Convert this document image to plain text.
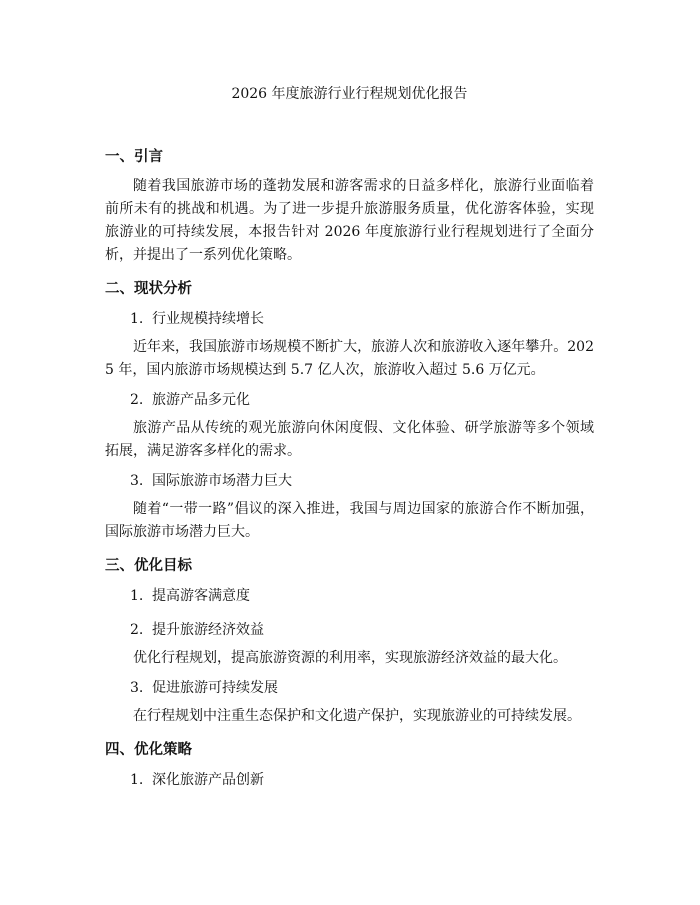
2026 年度旅游行业行程规划优化报告
一、引言

随着我国旅游市场的蓬勃发展和游客需求的日益多样化，旅游行业面临着前所未有的挑战和机遇。为了进一步提升旅游服务质量，优化游客体验，实现旅游业的可持续发展，本报告针对 2026 年度旅游行业行程规划进行了全面分析，并提出了一系列优化策略。

二、现状分析
1. 行业规模持续增长

近年来，我国旅游市场规模不断扩大，旅游人次和旅游收入逐年攀升。2025 年，国内旅游市场规模达到 5.7 亿人次，旅游收入超过 5.6 万亿元。

2. 旅游产品多元化

旅游产品从传统的观光旅游向休闲度假、文化体验、研学旅游等多个领域拓展，满足游客多样化的需求。

3. 国际旅游市场潜力巨大

随着“一带一路”倡议的深入推进，我国与周边国家的旅游合作不断加强，国际旅游市场潜力巨大。

三、优化目标
1. 提高游客满意度
2. 提升旅游经济效益

优化行程规划，提高旅游资源的利用率，实现旅游经济效益的最大化。

3. 促进旅游可持续发展

在行程规划中注重生态保护和文化遗产保护，实现旅游业的可持续发展。

四、优化策略
1. 深化旅游产品创新
